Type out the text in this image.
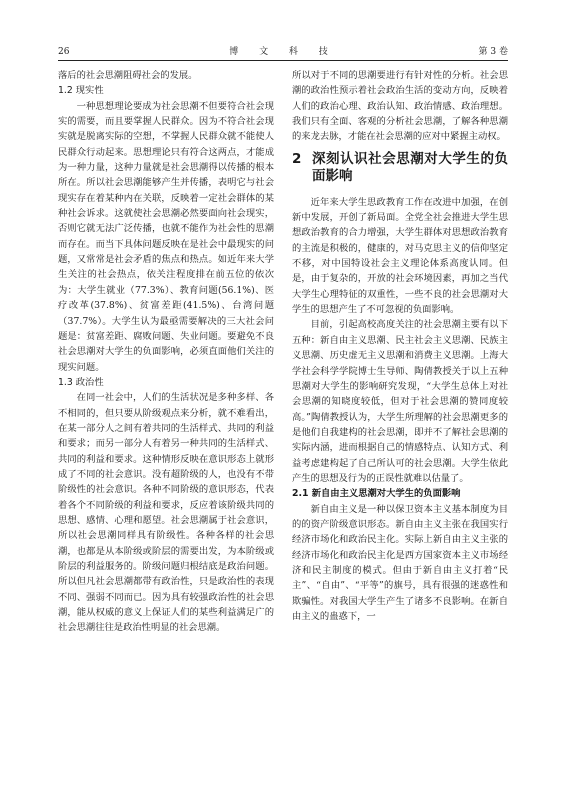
26	博 文 科 技	第 3 卷

落后的社会思潮阻碍社会的发展。

1.2 现实性

一种思想理论要成为社会思潮不但要符合社会现实的需要，而且要掌握人民群众。因为不符合社会现实就是脱离实际的空想，不掌握人民群众就不能使人民群众行动起来。思想理论只有符合这两点，才能成为一种力量，这种力量就是社会思潮得以传播的根本所在。所以社会思潮能够产生并传播，表明它与社会现实存在着某种内在关联，反映着一定社会群体的某种社会诉求。这就使社会思潮必然要面向社会现实，否则它就无法广泛传播，也就不能作为社会性的思潮而存在。而当下具体问题反映在是社会中最现实的问题，又常常是社会矛盾的焦点和热点。如近年来大学生关注的社会热点，依关注程度排在前五位的依次为：大学生就业（77.3%）、教育问题(56.1%)、医疗改革(37.8%)、贫富差距(41.5%)、台湾问题（37.7%）。大学生认为最亟需要解决的三大社会问题是：贫富差距、腐败问题、失业问题。要避免不良社会思潮对大学生的负面影响，必须直面他们关注的现实问题。

1.3 政治性

在同一社会中，人们的生活状况是多种多样、各不相同的，但只要从阶级观点来分析，就不难看出，在某一部分人之间有着共同的生活样式、共同的利益和要求；而另一部分人有着另一种共同的生活样式、共同的利益和要求。这种情形反映在意识形态上就形成了不同的社会意识。没有超阶级的人，也没有不带阶级性的社会意识。各种不同阶级的意识形态，代表着各个不同阶级的利益和要求，反应着该阶级共同的思想、感情、心理和愿望。社会思潮属于社会意识，所以社会思潮同样具有阶级性。各种各样的社会思潮，也都是从本阶级或阶层的需要出发，为本阶级或阶层的利益服务的。阶级问题归根结底是政治问题。所以但凡社会思潮都带有政治性，只是政治性的表现不同、强弱不同而已。因为具有较强政治性的社会思潮，能从权威的意义上保证人们的某些利益满足广的社会思潮往往是政治性明显的社会思潮。

所以对于不同的思潮要进行有针对性的分析。社会思潮的政治性预示着社会政治生活的变动方向，反映着人们的政治心理、政治认知、政治情感、政治理想。我们只有全面、客观的分析社会思潮，了解各种思潮的来龙去脉，才能在社会思潮的应对中紧握主动权。

2 深刻认识社会思潮对大学生的负面影响

近年来大学生思政教育工作在改进中加强，在创新中发展，开创了新局面。全党全社会推进大学生思想政治教育的合力增强，大学生群体对思想政治教育的主流是积极的，健康的，对马克思主义的信仰坚定不移，对中国特设社会主义理论体系高度认同。但是，由于复杂的，开放的社会环境因素，再加之当代大学生心理特征的双重性，一些不良的社会思潮对大学生的思想产生了不可忽视的负面影响。

目前，引起高校高度关注的社会思潮主要有以下五种：新自由主义思潮、民主社会主义思潮、民族主义思潮、历史虚无主义思潮和消费主义思潮。上海大学社会科学学院博士生导师、陶倩教授关于以上五种思潮对大学生的影响研究发现，“大学生总体上对社会思潮的知晓度较低，但对于社会思潮的赞同度较高。”陶倩教授认为，大学生所理解的社会思潮更多的是他们自我建构的社会思潮，即并不了解社会思潮的实际内涵，进而根据自己的情感特点、认知方式、利益考虑建构起了自己所认可的社会思潮。大学生依此产生的思想及行为的正误性就难以估量了。

2.1 新自由主义思潮对大学生的负面影响

新自由主义是一种以保卫资本主义基本制度为目的的资产阶级意识形态。新自由主义主张在我国实行经济市场化和政治民主化。实际上新自由主义主张的经济市场化和政治民主化是西方国家资本主义市场经济和民主制度的模式。但由于新自由主义打着“民主”、“自由”、“平等”的旗号，具有很强的迷惑性和欺骗性。对我国大学生产生了诸多不良影响。在新自由主义的蛊惑下，一
